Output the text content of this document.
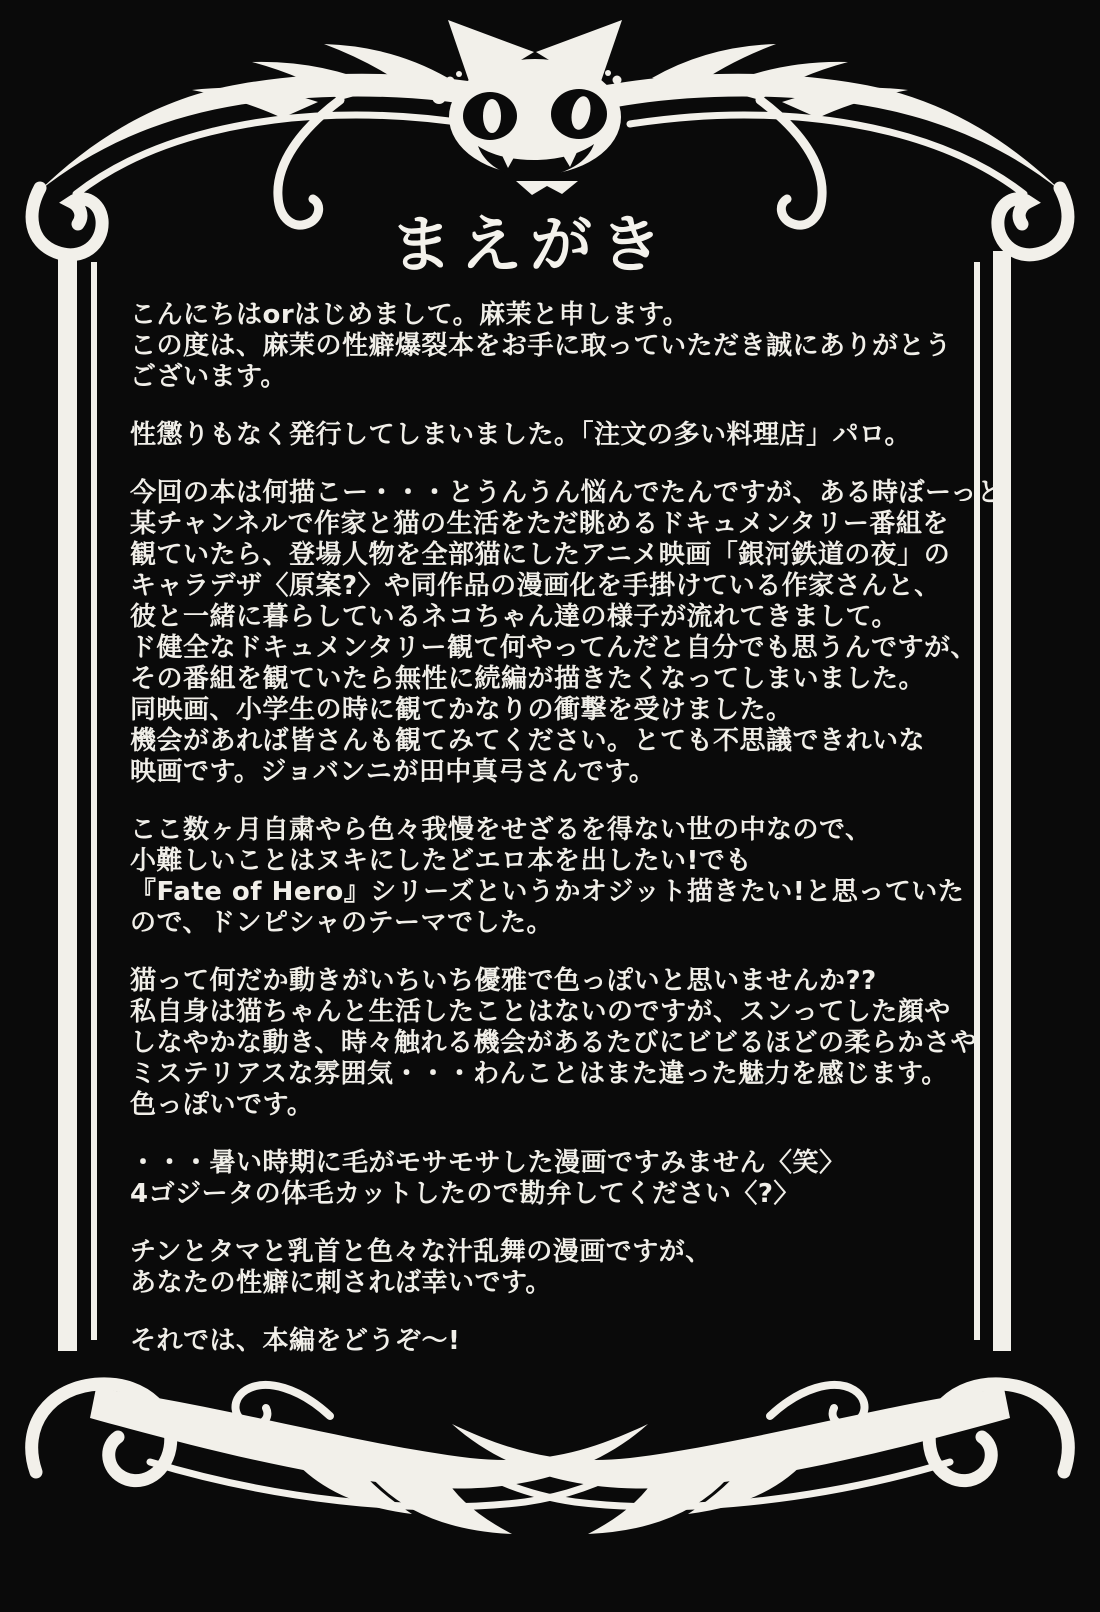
まえがき
こんにちはorはじめまして。麻茉と申します。
この度は、麻茉の性癖爆裂本をお手に取っていただき誠にありがとう
ございます。
性懲りもなく発行してしまいました。「注文の多い料理店」パロ。
今回の本は何描こー・・・とうんうん悩んでたんですが、ある時ぼーっと
某チャンネルで作家と猫の生活をただ眺めるドキュメンタリー番組を
観ていたら、登場人物を全部猫にしたアニメ映画「銀河鉄道の夜」の
キャラデザ〈原案?〉や同作品の漫画化を手掛けている作家さんと、
彼と一緒に暮らしているネコちゃん達の様子が流れてきまして。
ド健全なドキュメンタリー観て何やってんだと自分でも思うんですが、
その番組を観ていたら無性に続編が描きたくなってしまいました。
同映画、小学生の時に観てかなりの衝撃を受けました。
機会があれば皆さんも観てみてください。とても不思議できれいな
映画です。ジョバンニが田中真弓さんです。
ここ数ヶ月自粛やら色々我慢をせざるを得ない世の中なので、
小難しいことはヌキにしたどエロ本を出したい!でも
『Fate of Hero』シリーズというかオジット描きたい!と思っていた
ので、ドンピシャのテーマでした。
猫って何だか動きがいちいち優雅で色っぽいと思いませんか??
私自身は猫ちゃんと生活したことはないのですが、スンってした顔や
しなやかな動き、時々触れる機会があるたびにビビるほどの柔らかさや
ミステリアスな雰囲気・・・わんことはまた違った魅力を感じます。
色っぽいです。
・・・暑い時期に毛がモサモサした漫画ですみません〈笑〉
4ゴジータの体毛カットしたので勘弁してください〈?〉
チンとタマと乳首と色々な汁乱舞の漫画ですが、
あなたの性癖に刺されば幸いです。
それでは、本編をどうぞ〜!
